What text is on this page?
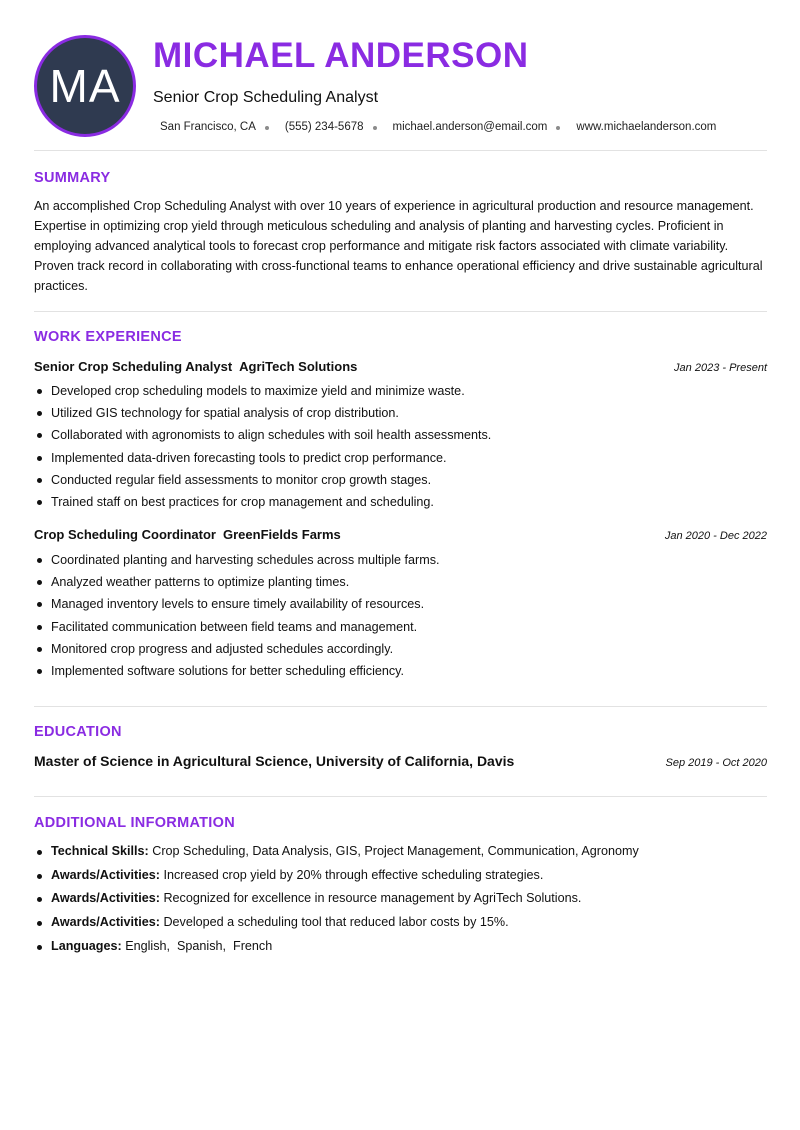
MA
MICHAEL ANDERSON
Senior Crop Scheduling Analyst
San Francisco, CA	(555) 234-5678	michael.anderson@email.com	www.michaelanderson.com
SUMMARY

An accomplished Crop Scheduling Analyst with over 10 years of experience in agricultural production and resource management. Expertise in optimizing crop yield through meticulous scheduling and analysis of planting and harvesting cycles. Proficient in employing advanced analytical tools to forecast crop performance and mitigate risk factors associated with climate variability. Proven track record in collaborating with cross-functional teams to enhance operational efficiency and drive sustainable agricultural practices.

WORK EXPERIENCE
Senior Crop Scheduling Analyst AgriTech Solutions	Jan 2023 - Present
Developed crop scheduling models to maximize yield and minimize waste.
Utilized GIS technology for spatial analysis of crop distribution.
Collaborated with agronomists to align schedules with soil health assessments.
Implemented data-driven forecasting tools to predict crop performance.
Conducted regular field assessments to monitor crop growth stages.
Trained staff on best practices for crop management and scheduling.
Crop Scheduling Coordinator GreenFields Farms	Jan 2020 - Dec 2022
Coordinated planting and harvesting schedules across multiple farms.
Analyzed weather patterns to optimize planting times.
Managed inventory levels to ensure timely availability of resources.
Facilitated communication between field teams and management.
Monitored crop progress and adjusted schedules accordingly.
Implemented software solutions for better scheduling efficiency.
EDUCATION
Master of Science in Agricultural Science, University of California, Davis	Sep 2019 - Oct 2020
ADDITIONAL INFORMATION
Technical Skills: Crop Scheduling, Data Analysis, GIS, Project Management, Communication, Agronomy
Awards/Activities: Increased crop yield by 20% through effective scheduling strategies.
Awards/Activities: Recognized for excellence in resource management by AgriTech Solutions.
Awards/Activities: Developed a scheduling tool that reduced labor costs by 15%.
Languages: English,  Spanish,  French
